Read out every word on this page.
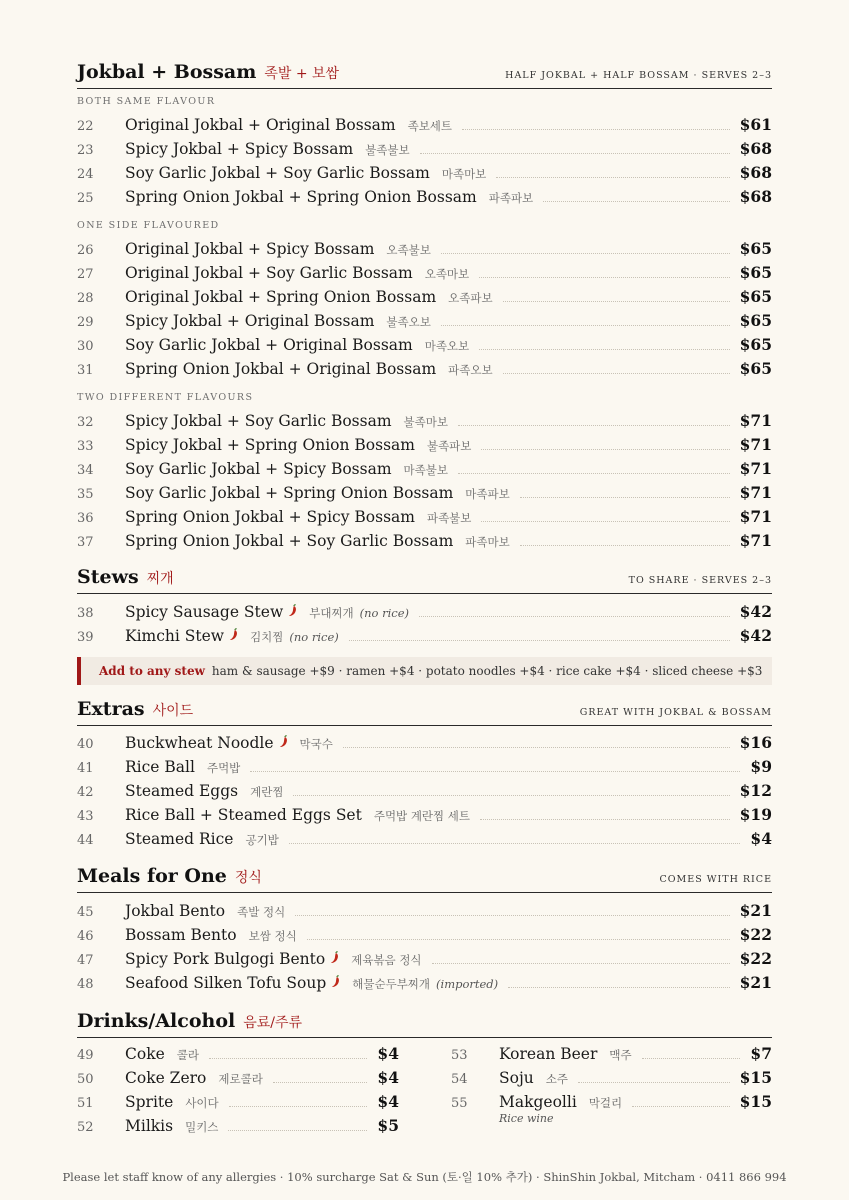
Jokbal + Bossam 족발 + 보쌈	HALF JOKBAL + HALF BOSSAM · SERVES 2–3
BOTH SAME FLAVOUR
ONE SIDE FLAVOURED
TWO DIFFERENT FLAVOURS
Stews 찌개	TO SHARE · SERVES 2–3
Add to any stew ham & sausage +$9 · ramen +$4 · potato noodles +$4 · rice cake +$4 · sliced cheese +$3
Extras 사이드	GREAT WITH JOKBAL & BOSSAM
Meals for One 정식	COMES WITH RICE
Drinks/Alcohol 음료/주류
22	Original Jokbal + Original Bossam 족보세트	$61
23	Spicy Jokbal + Spicy Bossam 불족불보	$68
24	Soy Garlic Jokbal + Soy Garlic Bossam 마족마보	$68
25	Spring Onion Jokbal + Spring Onion Bossam 파족파보	$68
26	Original Jokbal + Spicy Bossam 오족불보	$65
27	Original Jokbal + Soy Garlic Bossam 오족마보	$65
28	Original Jokbal + Spring Onion Bossam 오족파보	$65
29	Spicy Jokbal + Original Bossam 불족오보	$65
30	Soy Garlic Jokbal + Original Bossam 마족오보	$65
31	Spring Onion Jokbal + Original Bossam 파족오보	$65
32	Spicy Jokbal + Soy Garlic Bossam 불족마보	$71
33	Spicy Jokbal + Spring Onion Bossam 불족파보	$71
34	Soy Garlic Jokbal + Spicy Bossam 마족불보	$71
35	Soy Garlic Jokbal + Spring Onion Bossam 마족파보	$71
36	Spring Onion Jokbal + Spicy Bossam 파족불보	$71
37	Spring Onion Jokbal + Soy Garlic Bossam 파족마보	$71
38	Spicy Sausage Stew 부대찌개 (no rice)	$42
39	Kimchi Stew 김치찜 (no rice)	$42
40	Buckwheat Noodle 막국수	$16
41	Rice Ball 주먹밥	$9
42	Steamed Eggs 계란찜	$12
43	Rice Ball + Steamed Eggs Set 주먹밥 계란찜 세트	$19
44	Steamed Rice 공기밥	$4
45	Jokbal Bento 족발 정식	$21
46	Bossam Bento 보쌈 정식	$22
47	Spicy Pork Bulgogi Bento 제육볶음 정식	$22
48	Seafood Silken Tofu Soup 해물순두부찌개 (imported)	$21
49	Coke 콜라	$4
50	Coke Zero 제로콜라	$4
51	Sprite 사이다	$4
52	Milkis 밀키스	$5
53	Korean Beer 맥주	$7
54	Soju 소주	$15
55	Makgeolli 막걸리	$15
Rice wine
Please let staff know of any allergies · 10% surcharge Sat & Sun (토·일 10% 추가) · ShinShin Jokbal, Mitcham · 0411 866 994
